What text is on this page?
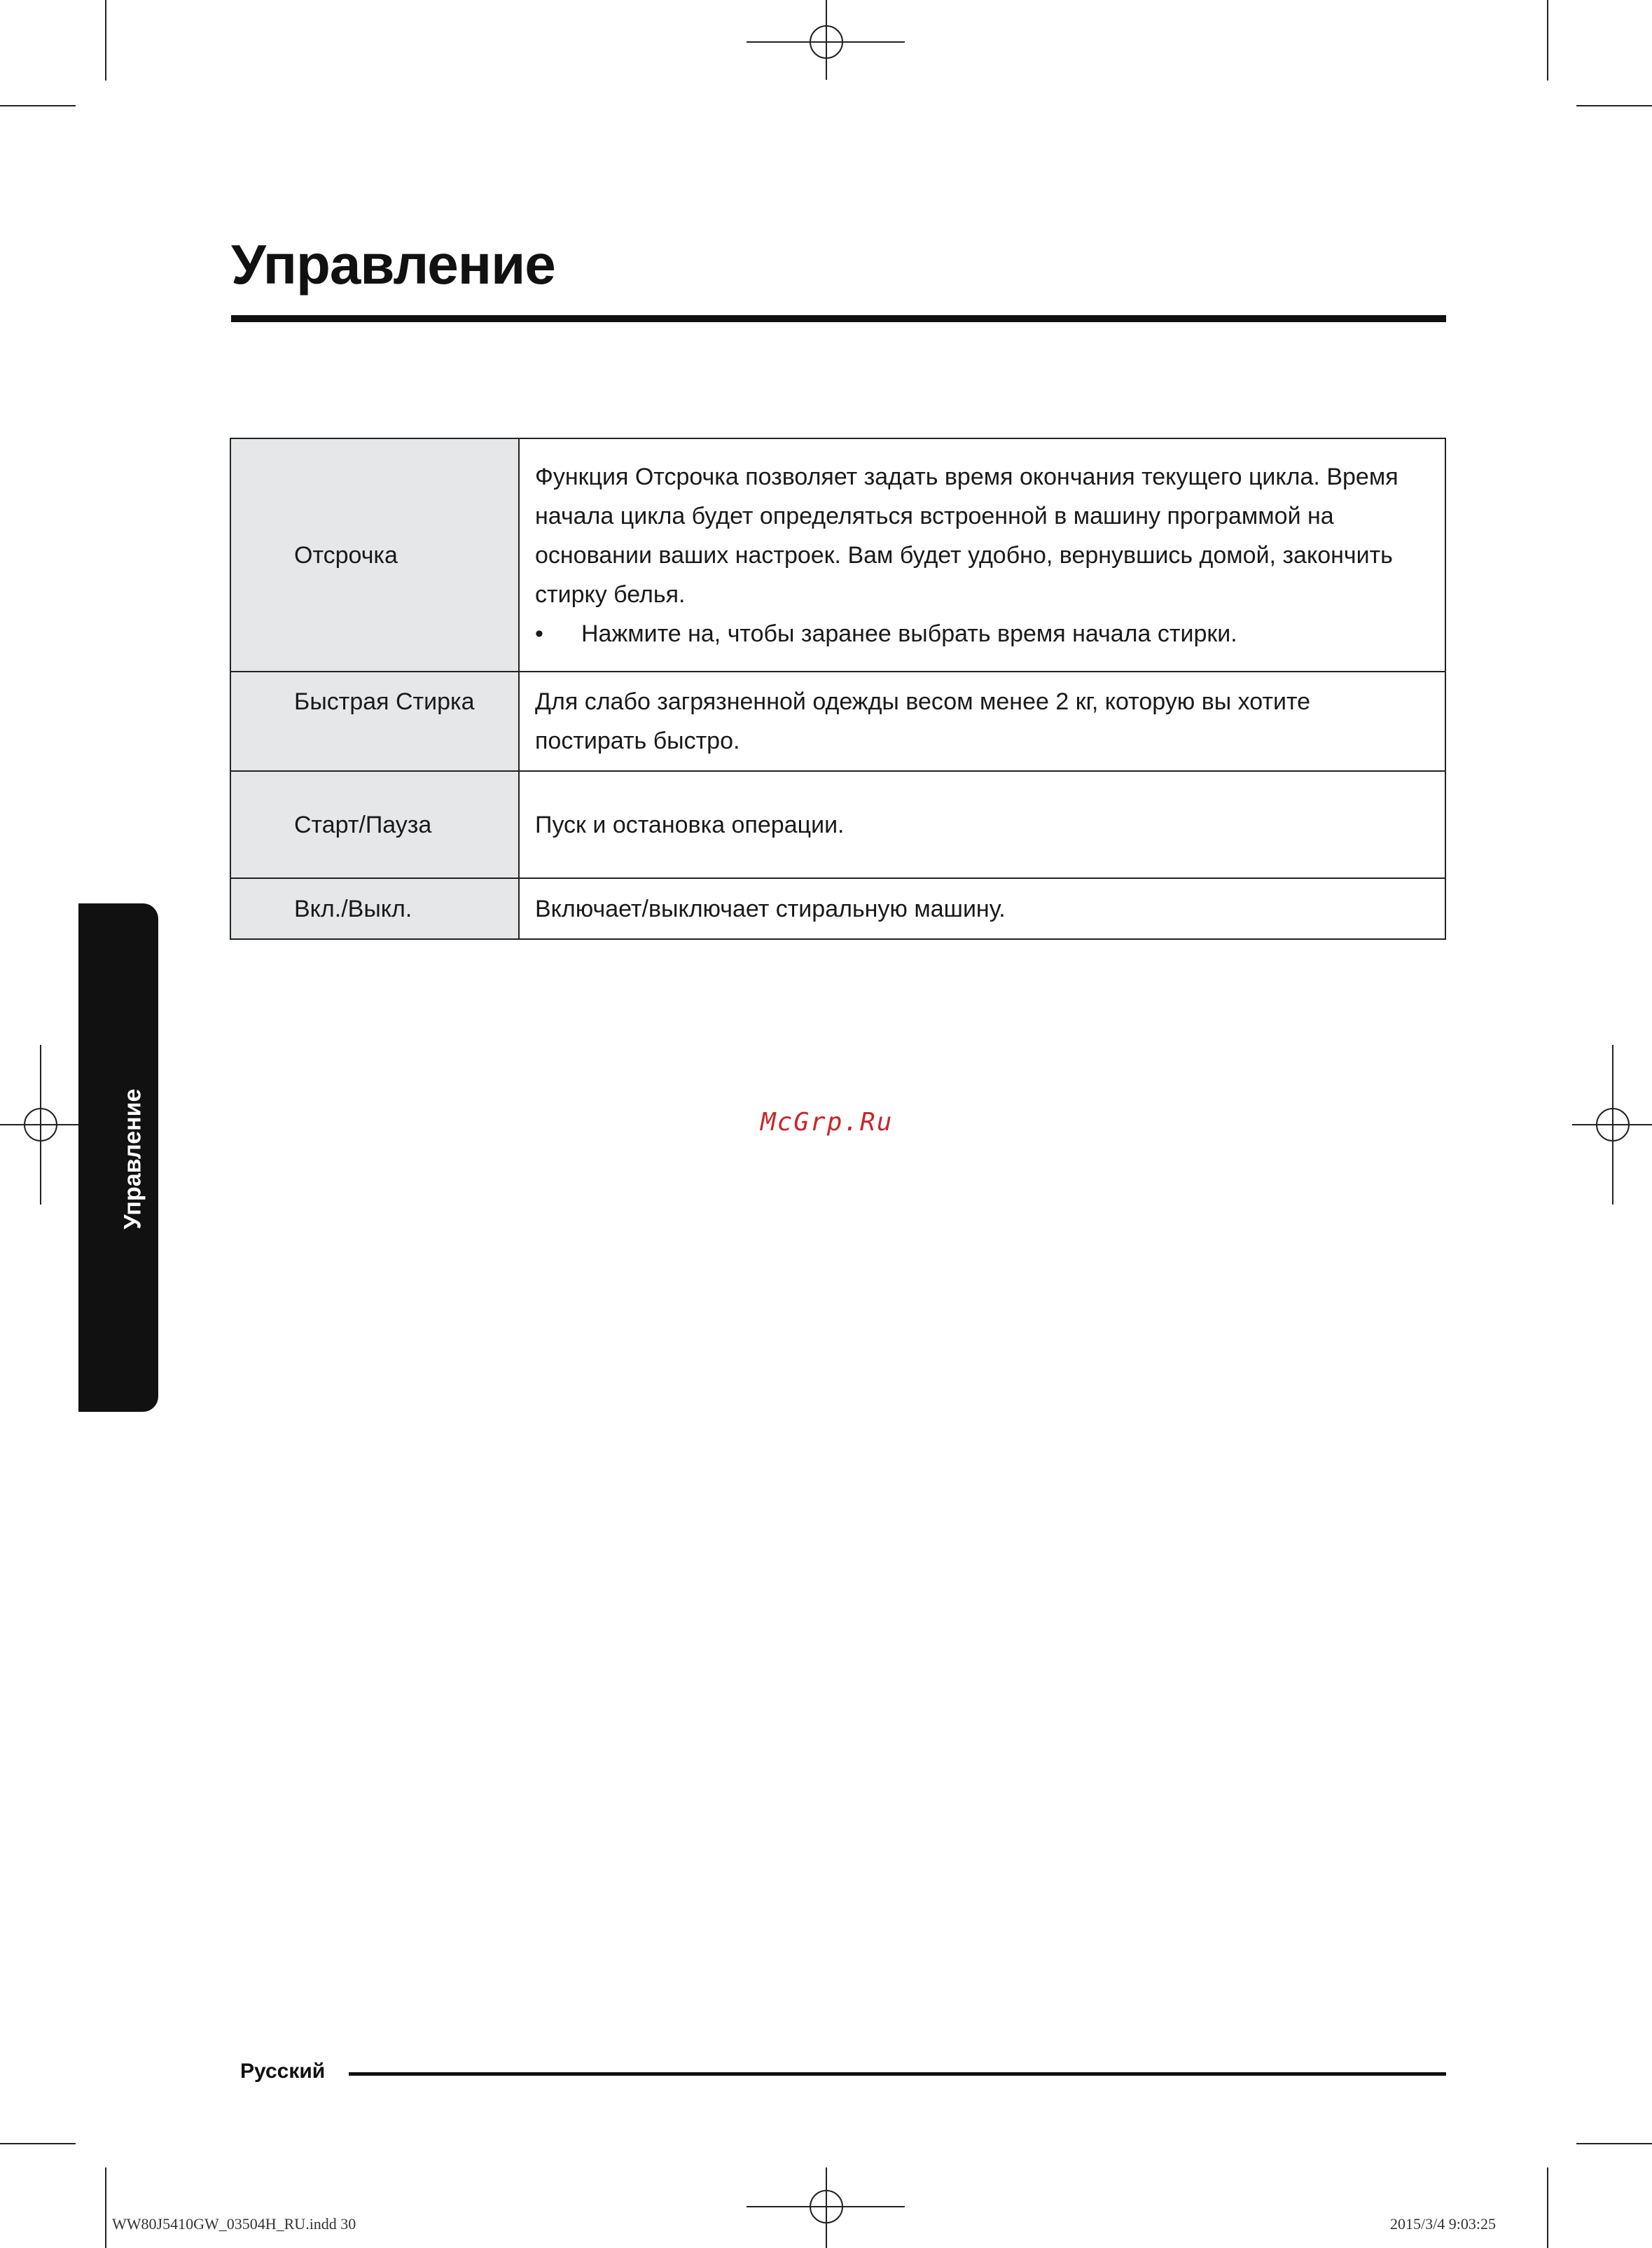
Управление
Отсрочка	Функция Отсрочка позволяет задать время окончания текущего цикла. Время начала цикла будет определяться встроенной в машину программой на основании ваших настроек. Вам будет удобно, вернувшись домой, закончить стирку белья.
• Нажмите на, чтобы заранее выбрать время начала стирки.

Быстрая Стирка	Для слабо загрязненной одежды весом менее 2 кг, которую вы хотите постирать быстро.
Старт/Пауза	Пуск и остановка операции.
Вкл./Выкл.	Включает/выключает стиральную машину.
McGrp.Ru
Управление
Русский
WW80J5410GW_03504H_RU.indd 30	2015/3/4 9:03:25
